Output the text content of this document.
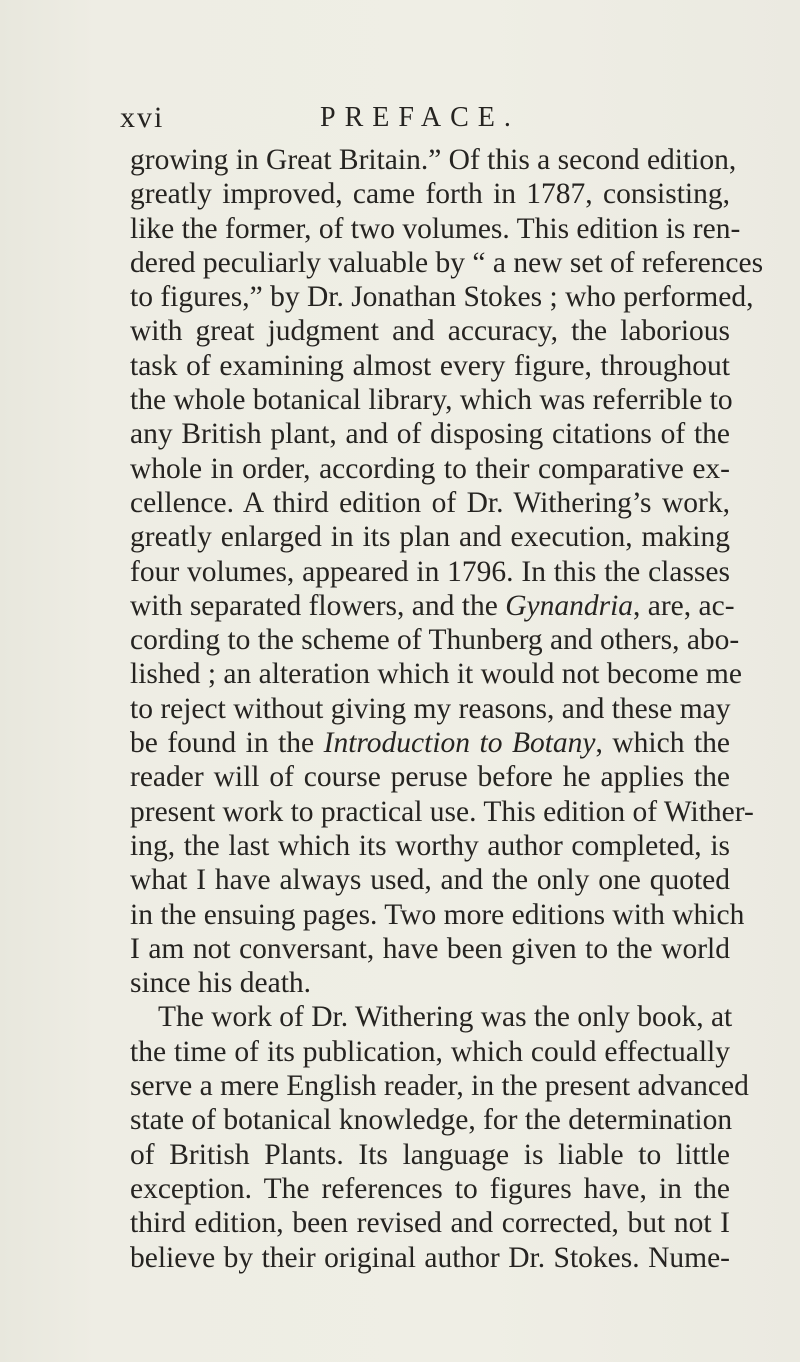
xvi	PREFACE.
growing in Great Britain.” Of this a second edition,
greatly improved, came forth in 1787, consisting,
like the former, of two volumes. This edition is ren-
dered peculiarly valuable by “ a new set of references
to figures,” by Dr. Jonathan Stokes ; who performed,
with great judgment and accuracy, the laborious
task of examining almost every figure, throughout
the whole botanical library, which was referrible to
any British plant, and of disposing citations of the
whole in order, according to their comparative ex-
cellence. A third edition of Dr. Withering’s work,
greatly enlarged in its plan and execution, making
four volumes, appeared in 1796. In this the classes
with separated flowers, and the Gynandria, are, ac-
cording to the scheme of Thunberg and others, abo-
lished ; an alteration which it would not become me
to reject without giving my reasons, and these may
be found in the Introduction to Botany, which the
reader will of course peruse before he applies the
present work to practical use. This edition of Wither-
ing, the last which its worthy author completed, is
what I have always used, and the only one quoted
in the ensuing pages. Two more editions with which
I am not conversant, have been given to the world
since his death.
The work of Dr. Withering was the only book, at
the time of its publication, which could effectually
serve a mere English reader, in the present advanced
state of botanical knowledge, for the determination
of British Plants. Its language is liable to little
exception. The references to figures have, in the
third edition, been revised and corrected, but not I
believe by their original author Dr. Stokes. Nume-
